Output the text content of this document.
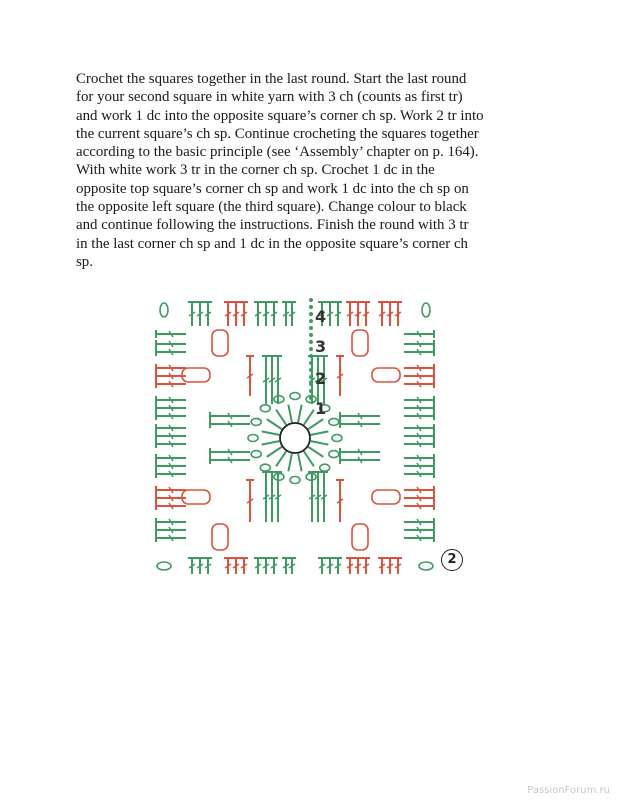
Crochet the squares together in the last round. Start the last round
for your second square in white yarn with 3 ch (counts as first tr)
and work 1 dc into the opposite square’s corner ch sp. Work 2 tr into
the current square’s ch sp. Continue crocheting the squares together
according to the basic principle (see ‘Assembly’ chapter on p. 164).
With white work 3 tr in the corner ch sp. Crochet 1 dc in the
opposite top square’s corner ch sp and work 1 dc into the ch sp on
the opposite left square (the third square). Change colour to black
and continue following the instructions. Finish the round with 3 tr
in the last corner ch sp and 1 dc in the opposite square’s corner ch
sp.
4
3
2
1
2
PassionForum.ru
